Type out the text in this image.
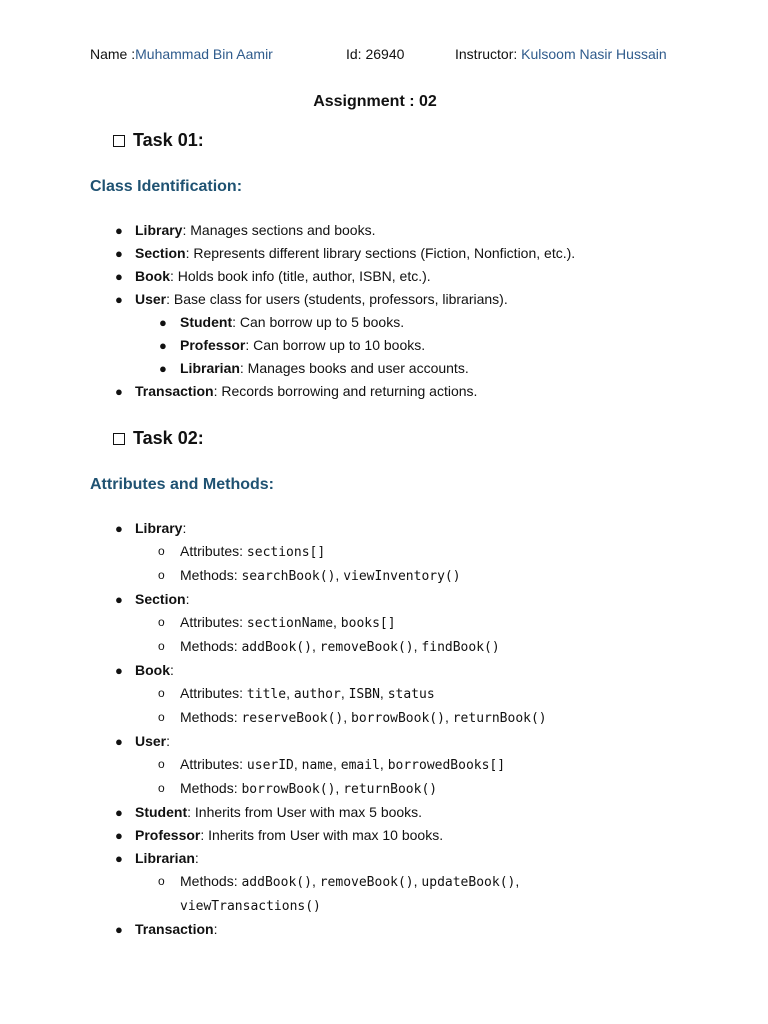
Name :Muhammad Bin Aamir	Id: 26940	Instructor: Kulsoom Nasir Hussain
Assignment : 02
Task 01:
Class Identification:
● Library: Manages sections and books.
● Section: Represents different library sections (Fiction, Nonfiction, etc.).
● Book: Holds book info (title, author, ISBN, etc.).
● User: Base class for users (students, professors, librarians).
● Student: Can borrow up to 5 books.
● Professor: Can borrow up to 10 books.
● Librarian: Manages books and user accounts.
● Transaction: Records borrowing and returning actions.
Task 02:
Attributes and Methods:
● Library:
o Attributes: sections[]
o Methods: searchBook(), viewInventory()
● Section:
o Attributes: sectionName, books[]
o Methods: addBook(), removeBook(), findBook()
● Book:
o Attributes: title, author, ISBN, status
o Methods: reserveBook(), borrowBook(), returnBook()
● User:
o Attributes: userID, name, email, borrowedBooks[]
o Methods: borrowBook(), returnBook()
● Student: Inherits from User with max 5 books.
● Professor: Inherits from User with max 10 books.
● Librarian:
o Methods: addBook(), removeBook(), updateBook(),
viewTransactions()
● Transaction:
